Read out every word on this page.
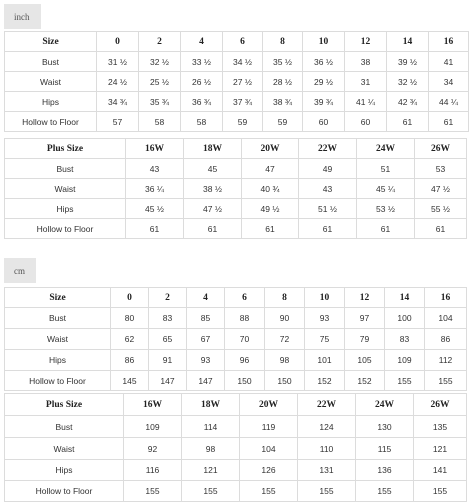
inch
Size	0	2	4	6	8	10	12	14	16
Bust	31 ½	32 ½	33 ½	34 ½	35 ½	36 ½	38	39 ½	41
Waist	24 ½	25 ½	26 ½	27 ½	28 ½	29 ½	31	32 ½	34
Hips	34 ¾	35 ¾	36 ¾	37 ¾	38 ¾	39 ¾	41 ¼	42 ¾	44 ¼
Hollow to Floor	57	58	58	59	59	60	60	61	61
Plus Size	16W	18W	20W	22W	24W	26W
Bust	43	45	47	49	51	53
Waist	36 ¼	38 ½	40 ¾	43	45 ¼	47 ½
Hips	45 ½	47 ½	49 ½	51 ½	53 ½	55 ½
Hollow to Floor	61	61	61	61	61	61
cm
Size	0	2	4	6	8	10	12	14	16
Bust	80	83	85	88	90	93	97	100	104
Waist	62	65	67	70	72	75	79	83	86
Hips	86	91	93	96	98	101	105	109	112
Hollow to Floor	145	147	147	150	150	152	152	155	155
Plus Size	16W	18W	20W	22W	24W	26W
Bust	109	114	119	124	130	135
Waist	92	98	104	110	115	121
Hips	116	121	126	131	136	141
Hollow to Floor	155	155	155	155	155	155
